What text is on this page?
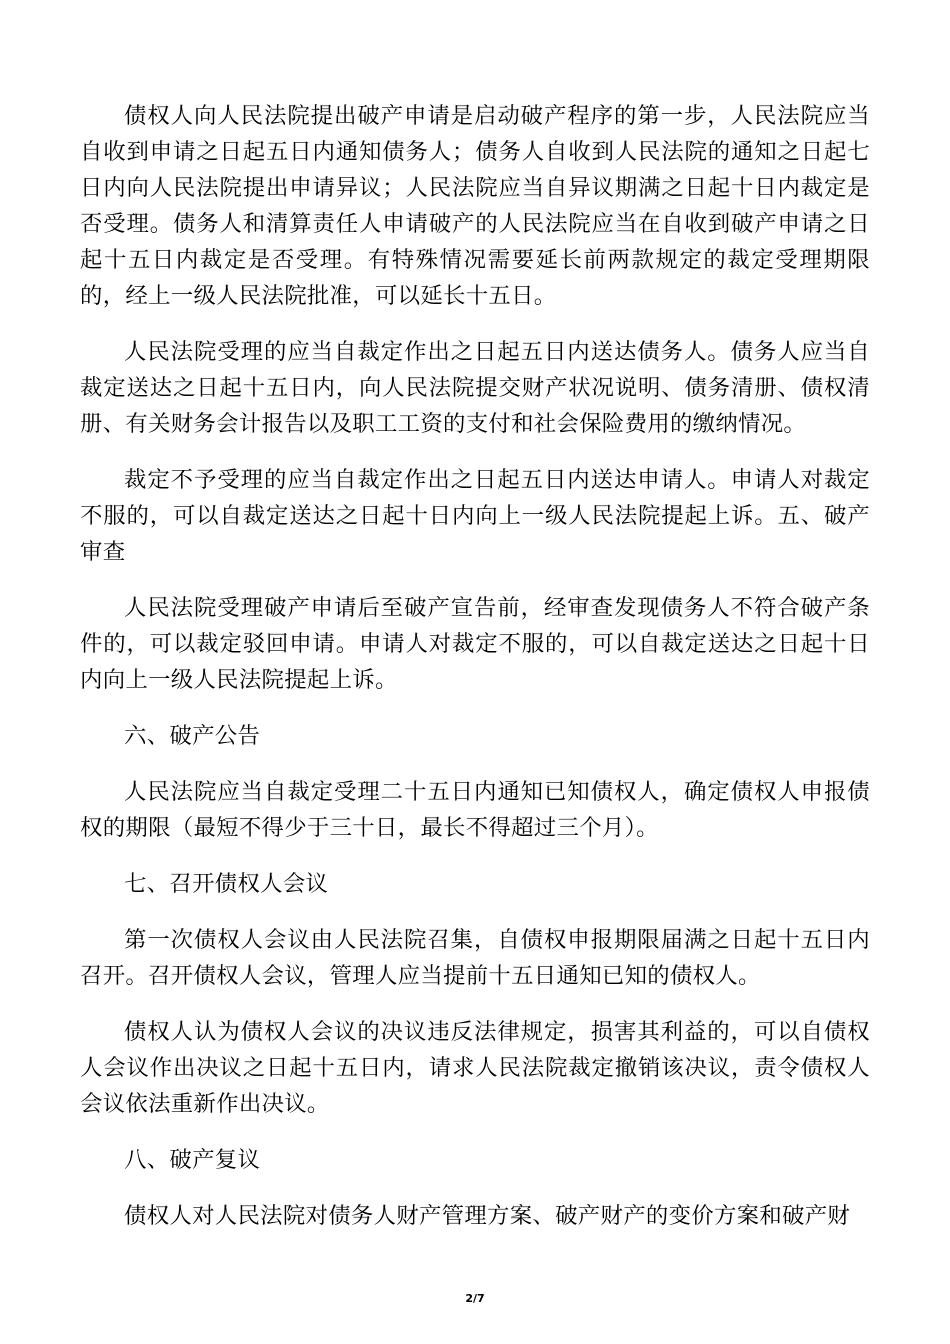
债权人向人民法院提出破产申请是启动破产程序的第一步，人民法院应当自收到申请之日起五日内通知债务人；债务人自收到人民法院的通知之日起七日内向人民法院提出申请异议；人民法院应当自异议期满之日起十日内裁定是否受理。债务人和清算责任人申请破产的人民法院应当在自收到破产申请之日起十五日内裁定是否受理。有特殊情况需要延长前两款规定的裁定受理期限的，经上一级人民法院批准，可以延长十五日。

人民法院受理的应当自裁定作出之日起五日内送达债务人。债务人应当自裁定送达之日起十五日内，向人民法院提交财产状况说明、债务清册、债权清册、有关财务会计报告以及职工工资的支付和社会保险费用的缴纳情况。

裁定不予受理的应当自裁定作出之日起五日内送达申请人。申请人对裁定不服的，可以自裁定送达之日起十日内向上一级人民法院提起上诉。五、破产审查

人民法院受理破产申请后至破产宣告前，经审查发现债务人不符合破产条件的，可以裁定驳回申请。申请人对裁定不服的，可以自裁定送达之日起十日内向上一级人民法院提起上诉。

六、破产公告

人民法院应当自裁定受理二十五日内通知已知债权人，确定债权人申报债权的期限（最短不得少于三十日，最长不得超过三个月）。

七、召开债权人会议

第一次债权人会议由人民法院召集，自债权申报期限届满之日起十五日内召开。召开债权人会议，管理人应当提前十五日通知已知的债权人。

债权人认为债权人会议的决议违反法律规定，损害其利益的，可以自债权人会议作出决议之日起十五日内，请求人民法院裁定撤销该决议，责令债权人会议依法重新作出决议。

八、破产复议

债权人对人民法院对债务人财产管理方案、破产财产的变价方案和破产财

2/7
